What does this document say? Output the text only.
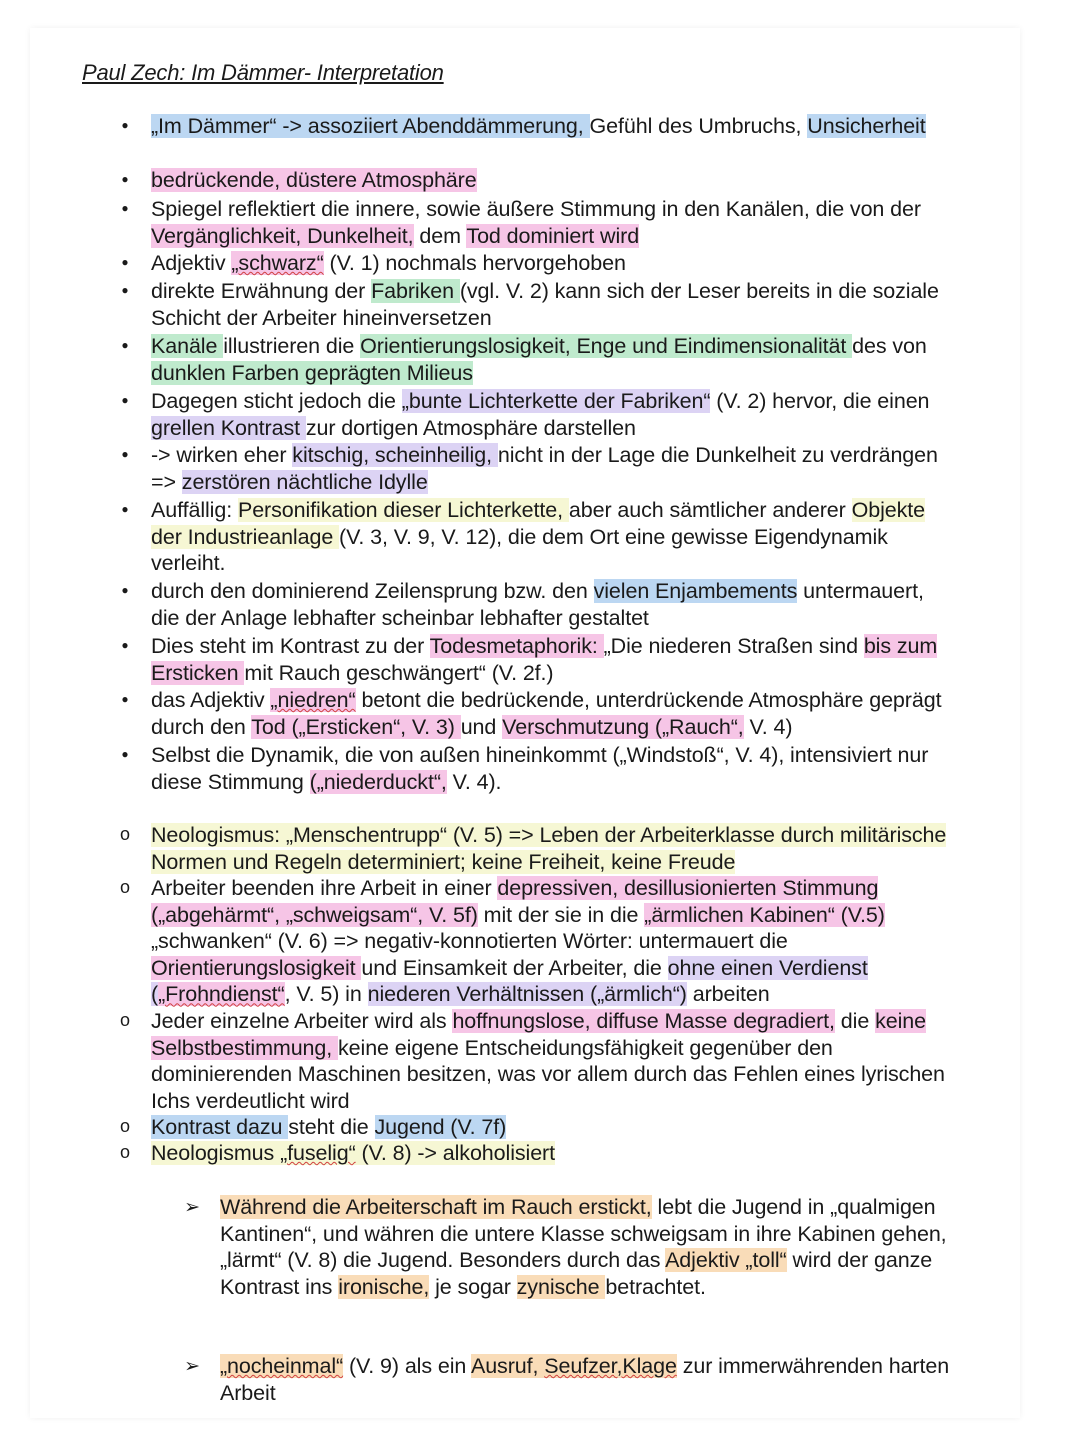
Paul Zech: Im Dämmer- Interpretation
●
„Im Dämmer“ -> assoziiert Abenddämmerung, Gefühl des Umbruchs, Unsicherheit
●
bedrückende, düstere Atmosphäre
●
Spiegel reflektiert die innere, sowie äußere Stimmung in den Kanälen, die von der Vergänglichkeit, Dunkelheit, dem Tod dominiert wird
●
Adjektiv „schwarz“ (V. 1) nochmals hervorgehoben
●
direkte Erwähnung der Fabriken (vgl. V. 2) kann sich der Leser bereits in die soziale Schicht der Arbeiter hineinversetzen
●
Kanäle illustrieren die Orientierungslosigkeit, Enge und Eindimensionalität des von dunklen Farben geprägten Milieus
●
Dagegen sticht jedoch die „bunte Lichterkette der Fabriken“ (V. 2) hervor, die einen grellen Kontrast zur dortigen Atmosphäre darstellen
●
-> wirken eher kitschig, scheinheilig, nicht in der Lage die Dunkelheit zu verdrängen => zerstören nächtliche Idylle
●
Auffällig: Personifikation dieser Lichterkette, aber auch sämtlicher anderer Objekte der Industrieanlage (V. 3, V. 9, V. 12), die dem Ort eine gewisse Eigendynamik verleiht.
●
durch den dominierend Zeilensprung bzw. den vielen Enjambements untermauert, die der Anlage lebhafter scheinbar lebhafter gestaltet
●
Dies steht im Kontrast zu der Todesmetaphorik: „Die niederen Straßen sind bis zum Ersticken mit Rauch geschwängert“ (V. 2f.)
●
das Adjektiv „niedren“ betont die bedrückende, unterdrückende Atmosphäre geprägt durch den Tod („Ersticken“, V. 3) und Verschmutzung („Rauch“, V. 4)
●
Selbst die Dynamik, die von außen hineinkommt („Windstoß“, V. 4), intensiviert nur diese Stimmung („niederduckt“, V. 4).
o
Neologismus: „Menschentrupp“ (V. 5) => Leben der Arbeiterklasse durch militärische Normen und Regeln determiniert; keine Freiheit, keine Freude
o
Arbeiter beenden ihre Arbeit in einer depressiven, desillusionierten Stimmung („abgehärmt“, „schweigsam“, V. 5f) mit der sie in die „ärmlichen Kabinen“ (V.5) „schwanken“ (V. 6) => negativ-konnotierten Wörter: untermauert die Orientierungslosigkeit und Einsamkeit der Arbeiter, die ohne einen Verdienst („Frohndienst“, V. 5) in niederen Verhältnissen („ärmlich“) arbeiten
o
Jeder einzelne Arbeiter wird als hoffnungslose, diffuse Masse degradiert, die keine Selbstbestimmung, keine eigene Entscheidungsfähigkeit gegenüber den dominierenden Maschinen besitzen, was vor allem durch das Fehlen eines lyrischen Ichs verdeutlicht wird
o
Kontrast dazu steht die Jugend (V. 7f)
o
Neologismus „fuselig“ (V. 8) -> alkoholisiert
➢
Während die Arbeiterschaft im Rauch erstickt, lebt die Jugend in „qualmigen Kantinen“, und währen die untere Klasse schweigsam in ihre Kabinen gehen, „lärmt“ (V. 8) die Jugend. Besonders durch das Adjektiv „toll“ wird der ganze Kontrast ins ironische, je sogar zynische betrachtet.
➢
„nocheinmal“ (V. 9) als ein Ausruf, Seufzer,Klage zur immerwährenden harten Arbeit
